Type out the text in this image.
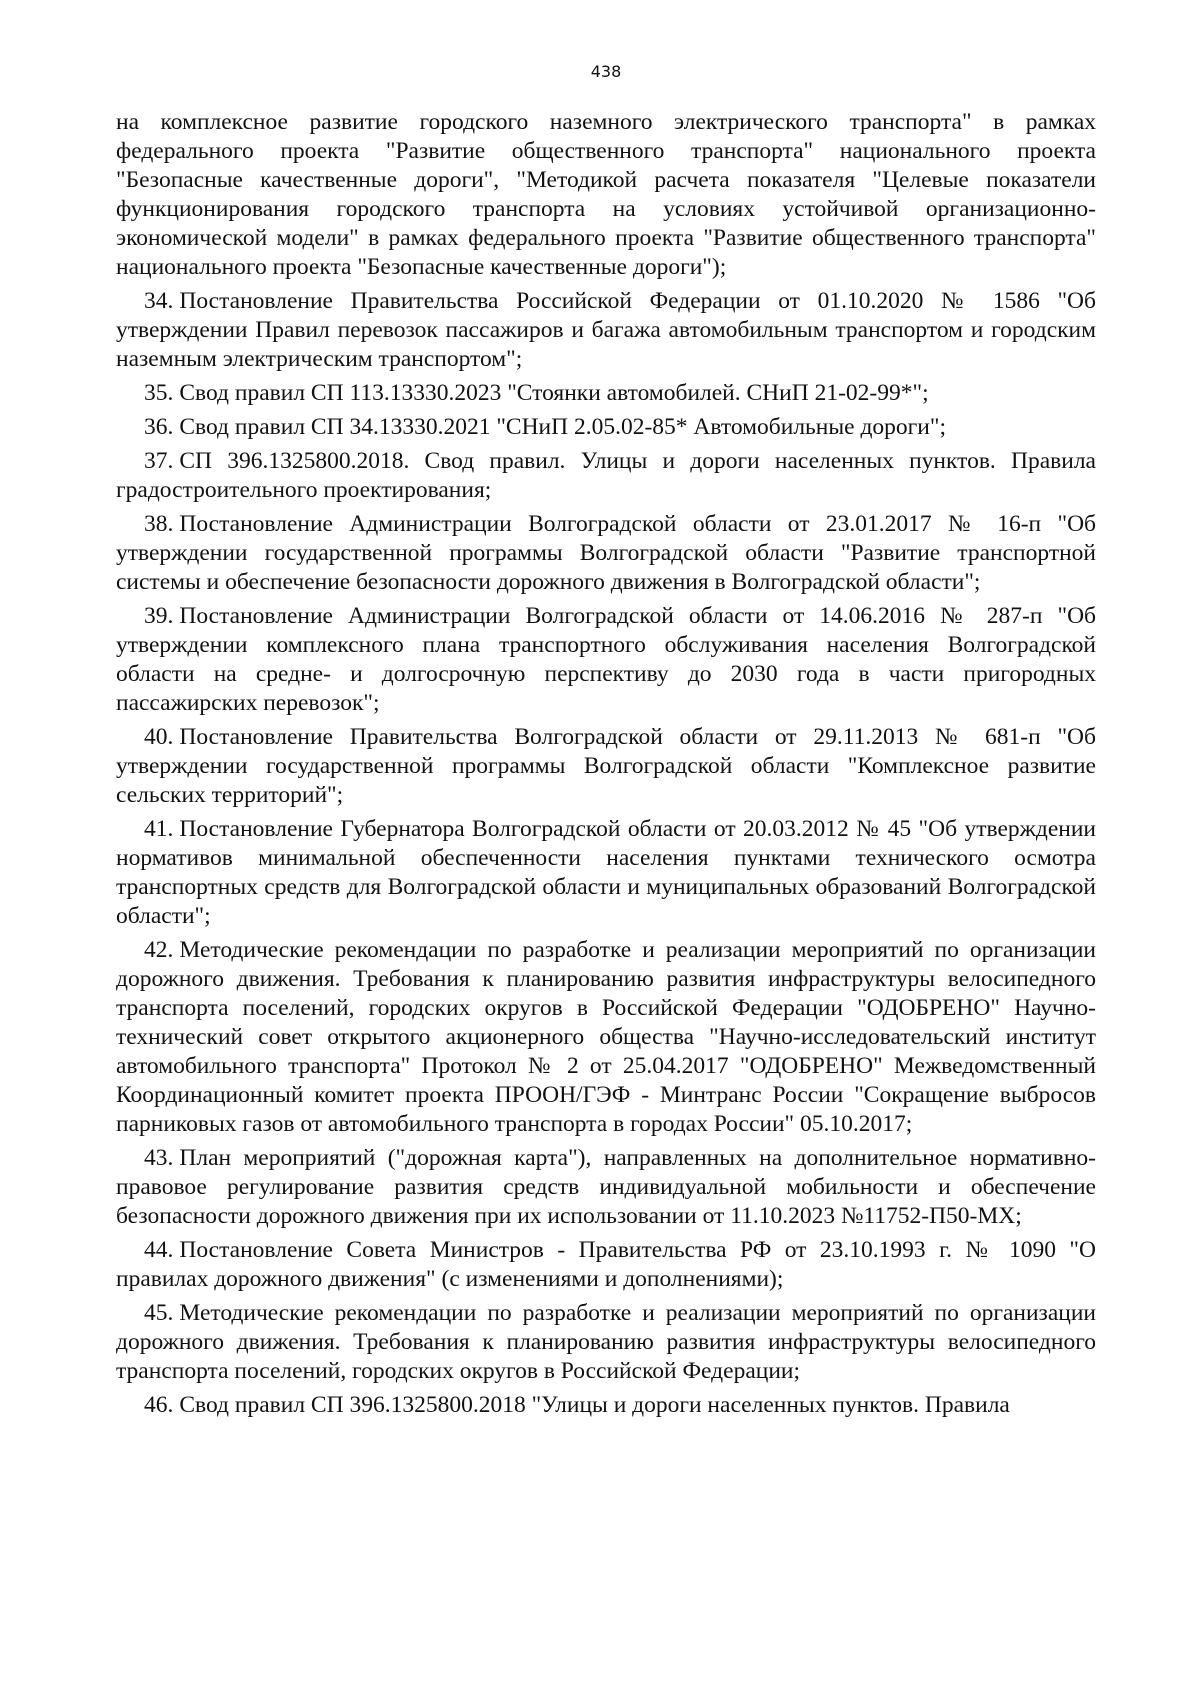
438

на комплексное развитие городского наземного электрического транспорта" в рамках федерального проекта "Развитие общественного транспорта" национального проекта "Безопасные качественные дороги", "Методикой расчета показателя "Целевые показатели функционирования городского транспорта на условиях устойчивой организационно-экономической модели" в рамках федерального проекта "Развитие общественного транспорта" национального проекта "Безопасные качественные дороги");

34. Постановление Правительства Российской Федерации от 01.10.2020 № 1586 "Об утверждении Правил перевозок пассажиров и багажа автомобильным транспортом и городским наземным электрическим транспортом";

35. Свод правил СП 113.13330.2023 "Стоянки автомобилей. СНиП 21-02-99*";

36. Свод правил СП 34.13330.2021 "СНиП 2.05.02-85* Автомобильные дороги";

37. СП 396.1325800.2018. Свод правил. Улицы и дороги населенных пунктов. Правила градостроительного проектирования;

38. Постановление Администрации Волгоградской области от 23.01.2017 № 16-п "Об утверждении государственной программы Волгоградской области "Развитие транспортной системы и обеспечение безопасности дорожного движения в Волгоградской области";

39. Постановление Администрации Волгоградской области от 14.06.2016 № 287-п "Об утверждении комплексного плана транспортного обслуживания населения Волгоградской области на средне- и долгосрочную перспективу до 2030 года в части пригородных пассажирских перевозок";

40. Постановление Правительства Волгоградской области от 29.11.2013 № 681-п "Об утверждении государственной программы Волгоградской области "Комплексное развитие сельских территорий";

41. Постановление Губернатора Волгоградской области от 20.03.2012 № 45 "Об утверждении нормативов минимальной обеспеченности населения пунктами технического осмотра транспортных средств для Волгоградской области и муниципальных образований Волгоградской области";

42. Методические рекомендации по разработке и реализации мероприятий по организации дорожного движения. Требования к планированию развития инфраструктуры велосипедного транспорта поселений, городских округов в Российской Федерации "ОДОБРЕНО" Научно-технический совет открытого акционерного общества "Научно-исследовательский институт автомобильного транспорта" Протокол № 2 от 25.04.2017 "ОДОБРЕНО" Межведомственный Координационный комитет проекта ПРООН/ГЭФ - Минтранс России "Сокращение выбросов парниковых газов от автомобильного транспорта в городах России" 05.10.2017;

43. План мероприятий ("дорожная карта"), направленных на дополнительное нормативно-правовое регулирование развития средств индивидуальной мобильности и обеспечение безопасности дорожного движения при их использовании от 11.10.2023 №11752-П50-МХ;

44. Постановление Совета Министров - Правительства РФ от 23.10.1993 г. № 1090 "О правилах дорожного движения" (с изменениями и дополнениями);

45. Методические рекомендации по разработке и реализации мероприятий по организации дорожного движения. Требования к планированию развития инфраструктуры велосипедного транспорта поселений, городских округов в Российской Федерации;

46. Свод правил СП 396.1325800.2018 "Улицы и дороги населенных пунктов. Правила
